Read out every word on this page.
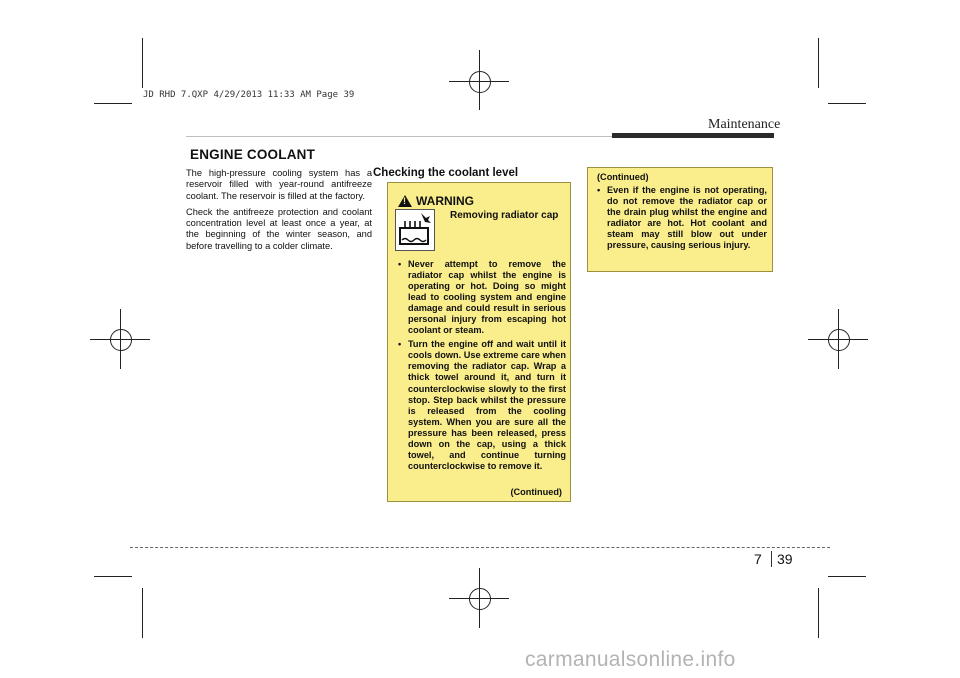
JD RHD 7.QXP 4/29/2013 11:33 AM Page 39
Maintenance
ENGINE COOLANT

The high-pressure cooling system has a reservoir filled with year-round antifreeze coolant. The reservoir is filled at the factory.

Check the antifreeze protection and coolant concentration level at least once a year, at the beginning of the winter season, and before travelling to a colder climate.

Checking the coolant level
!
WARNING
Removing radiator cap
• Never attempt to remove the radiator cap whilst the engine is operating or hot. Doing so might lead to cooling system and engine damage and could result in serious personal injury from escaping hot coolant or steam.
• Turn the engine off and wait until it cools down. Use extreme care when removing the radiator cap. Wrap a thick towel around it, and turn it counterclockwise slowly to the first stop. Step back whilst the pressure is released from the cooling system. When you are sure all the pressure has been released, press down on the cap, using a thick towel, and continue turning counterclockwise to remove it.
(Continued)
(Continued)
• Even if the engine is not operating, do not remove the radiator cap or the drain plug whilst the engine and radiator are hot. Hot coolant and steam may still blow out under pressure, causing serious injury.
7 39
carmanualsonline.info
